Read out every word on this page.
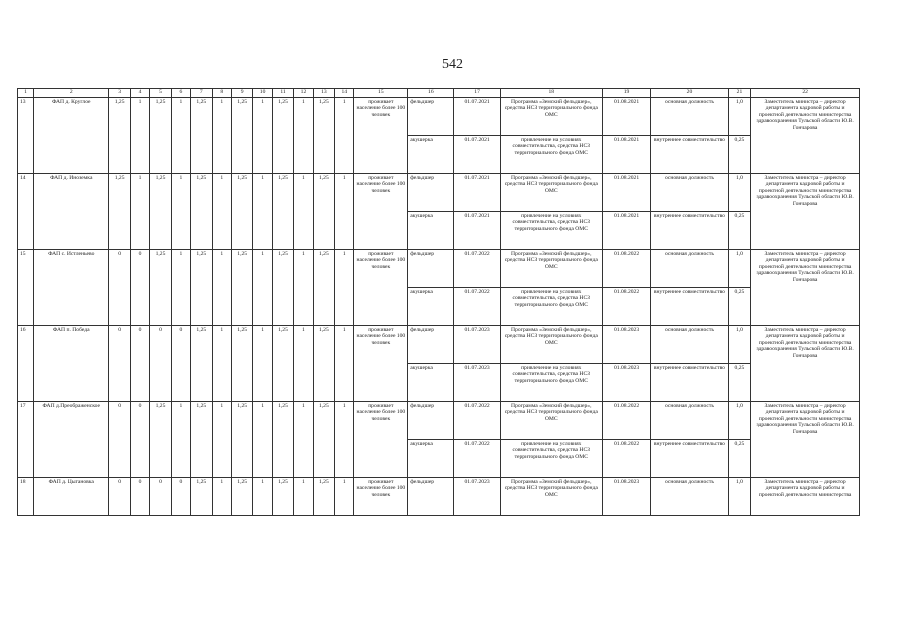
542
1	2	3	4	5	6	7	8	9	10	11	12	13	14	15	16	17	18	19	20	21	22
13	ФАП д. Круглое	1,25	1	1,25	1	1,25	1	1,25	1	1,25	1	1,25	1	проживает население более 100 человек	фельдшер	01.07.2021	Программа «Земский фельдшер», средства НСЗ территориального фонда ОМС	01.08.2021	основная должность	1,0	Заместитель министра – директор департамента кадровой работы и проектной деятельности министерства здравоохранения Тульской области Ю.В. Гончарова
															акушерка	01.07.2021	привлечение на условиях совместительства, средства НСЗ территориального фонда ОМС	01.08.2021	внутреннее совместительство	0,25	
14	ФАП д. Иноземка	1,25	1	1,25	1	1,25	1	1,25	1	1,25	1	1,25	1	проживает население более 100 человек	фельдшер	01.07.2021	Программа «Земский фельдшер», средства НСЗ территориального фонда ОМС	01.08.2021	основная должность	1,0	Заместитель министра – директор департамента кадровой работы и проектной деятельности министерства здравоохранения Тульской области Ю.В. Гончарова
															акушерка	01.07.2021	привлечение на условиях совместительства, средства НСЗ территориального фонда ОМС	01.08.2021	внутреннее совместительство	0,25	
15	ФАП с. Истленьево	0	0	1,25	1	1,25	1	1,25	1	1,25	1	1,25	1	проживает население более 100 человек	фельдшер	01.07.2022	Программа «Земский фельдшер», средства НСЗ территориального фонда ОМС	01.08.2022	основная должность	1,0	Заместитель министра – директор департамента кадровой работы и проектной деятельности министерства здравоохранения Тульской области Ю.В. Гончарова
															акушерка	01.07.2022	привлечение на условиях совместительства, средства НСЗ территориального фонда ОМС	01.08.2022	внутреннее совместительство	0,25	
16	ФАП п. Победа	0	0	0	0	1,25	1	1,25	1	1,25	1	1,25	1	проживает население более 100 человек	фельдшер	01.07.2023	Программа «Земский фельдшер», средства НСЗ территориального фонда ОМС	01.08.2023	основная должность	1,0	Заместитель министра – директор департамента кадровой работы и проектной деятельности министерства здравоохранения Тульской области Ю.В. Гончарова
															акушерка	01.07.2023	привлечение на условиях совместительства, средства НСЗ территориального фонда ОМС	01.08.2023	внутреннее совместительство	0,25	
17	ФАП д.Преображенское	0	0	1,25	1	1,25	1	1,25	1	1,25	1	1,25	1	проживает население более 100 человек	фельдшер	01.07.2022	Программа «Земский фельдшер», средства НСЗ территориального фонда ОМС	01.08.2022	основная должность	1,0	Заместитель министра – директор департамента кадровой работы и проектной деятельности министерства здравоохранения Тульской области Ю.В. Гончарова
															акушерка	01.07.2022	привлечение на условиях совместительства, средства НСЗ территориального фонда ОМС	01.08.2022	внутреннее совместительство	0,25	
18	ФАП д. Цыгановка	0	0	0	0	1,25	1	1,25	1	1,25	1	1,25	1	проживает население более 100 человек	фельдшер	01.07.2023	Программа «Земский фельдшер», средства НСЗ территориального фонда ОМС	01.08.2023	основная должность	1,0	Заместитель министра – директор департамента кадровой работы и проектной деятельности министерства
